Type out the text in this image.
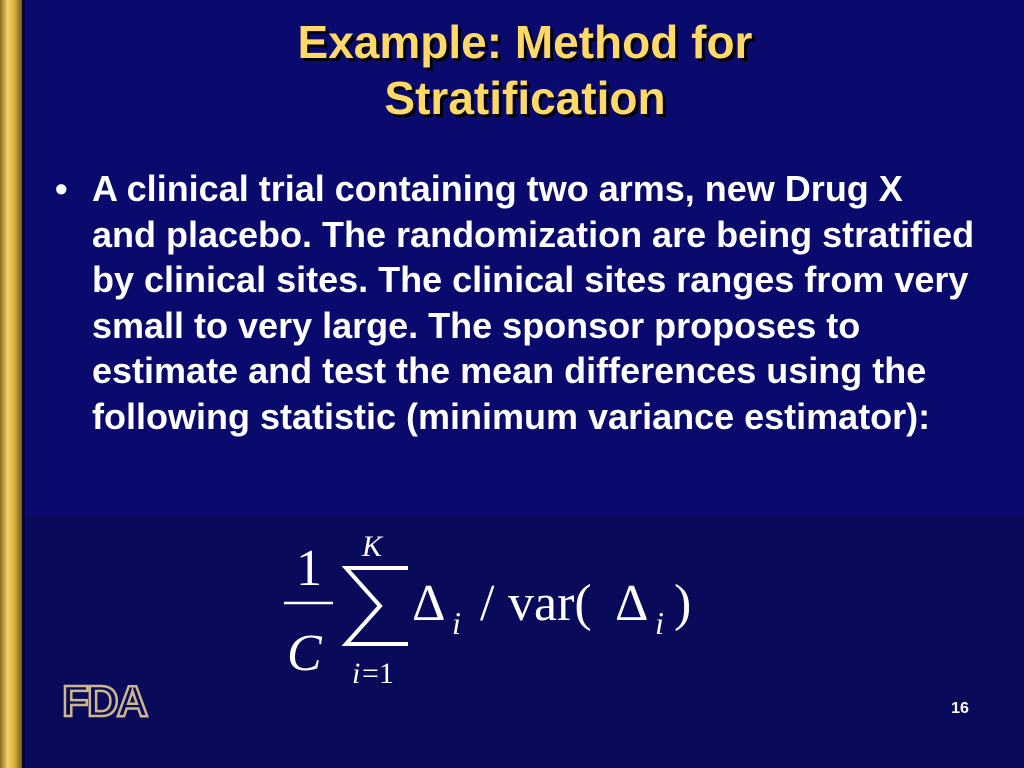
Example: Method for
Stratification
• A clinical trial containing two arms, new Drug X and placebo. The randomization are being stratified by clinical sites. The clinical sites ranges from very small to very large. The sponsor proposes to estimate and test the mean differences using the following statistic (minimum variance estimator):
1
C
K
i =1
Δ i / var( Δ i )
FDA	16
